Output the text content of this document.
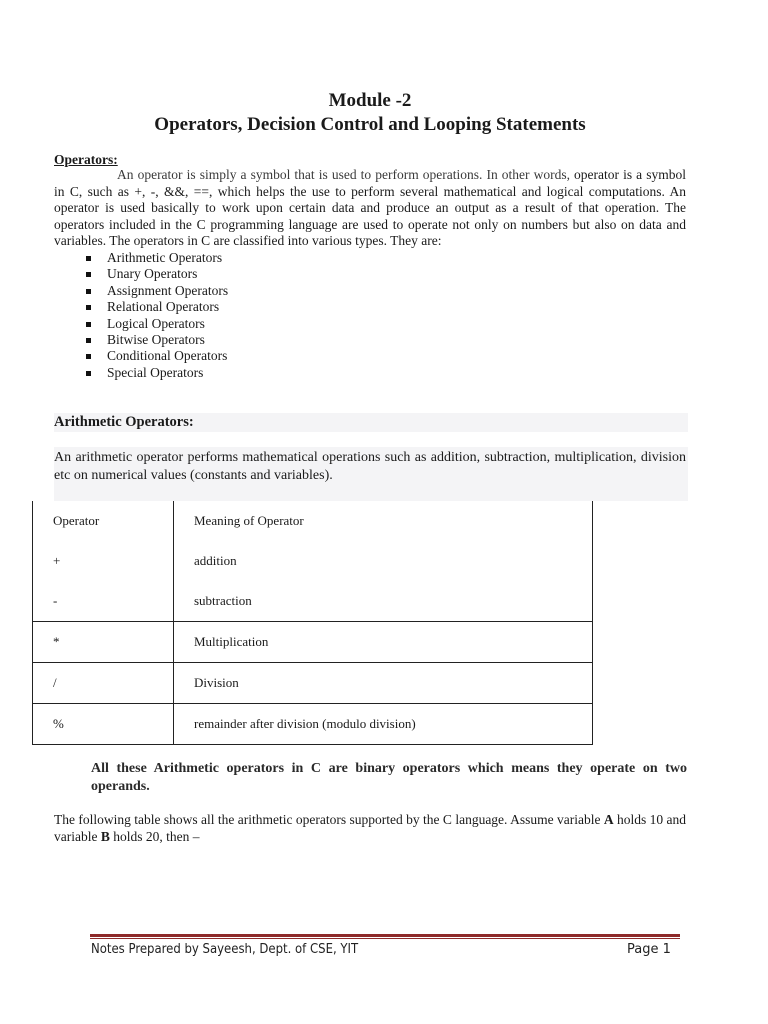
Module -2
Operators, Decision Control and Looping Statements
Operators:
An operator is simply a symbol that is used to perform operations. In other words, operator is a symbol in C, such as +, -, &&, ==, which helps the use to perform several mathematical and logical computations. An operator is used basically to work upon certain data and produce an output as a result of that operation. The operators included in the C programming language are used to operate not only on numbers but also on data and variables. The operators in C are classified into various types. They are:
Arithmetic Operators
Unary Operators
Assignment Operators
Relational Operators
Logical Operators
Bitwise Operators
Conditional Operators
Special Operators
Arithmetic Operators:
An arithmetic operator performs mathematical operations such as addition, subtraction, multiplication, division etc on numerical values (constants and variables).
Operator	Meaning of Operator
+	addition
-	subtraction
*	Multiplication
/	Division
%	remainder after division (modulo division)
All these Arithmetic operators in C are binary operators which means they operate on two operands.
The following table shows all the arithmetic operators supported by the C language. Assume variable A holds 10 and variable B holds 20, then –
Notes Prepared by Sayeesh, Dept. of CSE, YIT	Page 1
